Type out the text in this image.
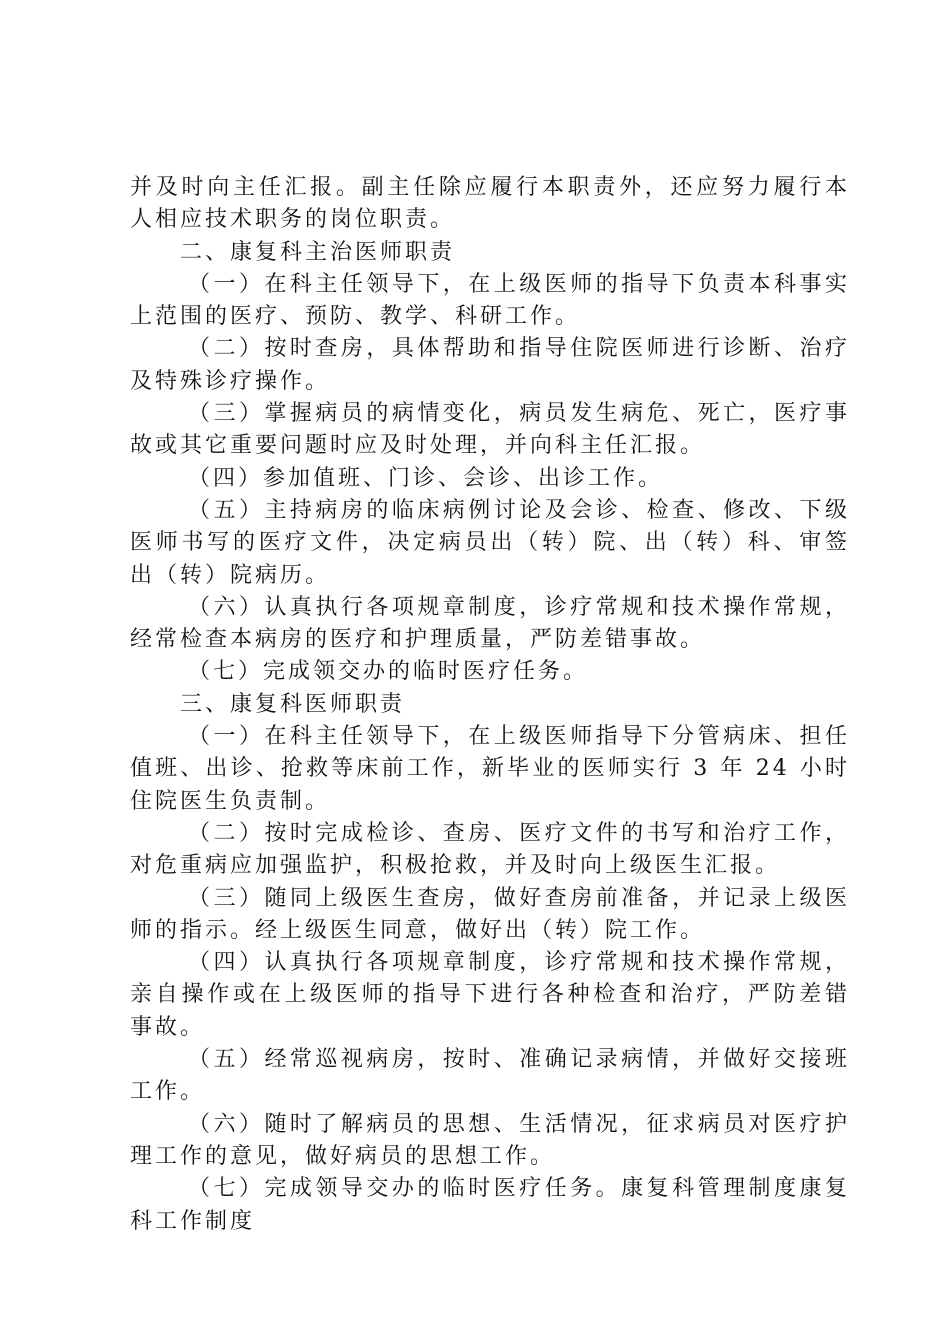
并及时向主任汇报。副主任除应履行本职责外，还应努力履行本人相应技术职务的岗位职责。

二、康复科主治医师职责

（一）在科主任领导下，在上级医师的指导下负责本科事实上范围的医疗、预防、教学、科研工作。

（二）按时查房，具体帮助和指导住院医师进行诊断、治疗及特殊诊疗操作。

（三）掌握病员的病情变化，病员发生病危、死亡，医疗事故或其它重要问题时应及时处理，并向科主任汇报。

（四）参加值班、门诊、会诊、出诊工作。

（五）主持病房的临床病例讨论及会诊、检查、修改、下级医师书写的医疗文件，决定病员出（转）院、出（转）科、审签出（转）院病历。

（六）认真执行各项规章制度，诊疗常规和技术操作常规，经常检查本病房的医疗和护理质量，严防差错事故。

（七）完成领交办的临时医疗任务。

三、康复科医师职责

（一）在科主任领导下，在上级医师指导下分管病床、担任值班、出诊、抢救等床前工作，新毕业的医师实行 3 年 24 小时住院医生负责制。

（二）按时完成检诊、查房、医疗文件的书写和治疗工作，对危重病应加强监护，积极抢救，并及时向上级医生汇报。

（三）随同上级医生查房，做好查房前准备，并记录上级医师的指示。经上级医生同意，做好出（转）院工作。

（四）认真执行各项规章制度，诊疗常规和技术操作常规，亲自操作或在上级医师的指导下进行各种检查和治疗，严防差错事故。

（五）经常巡视病房，按时、准确记录病情，并做好交接班工作。

（六）随时了解病员的思想、生活情况，征求病员对医疗护理工作的意见，做好病员的思想工作。

（七）完成领导交办的临时医疗任务。康复科管理制度康复科工作制度
